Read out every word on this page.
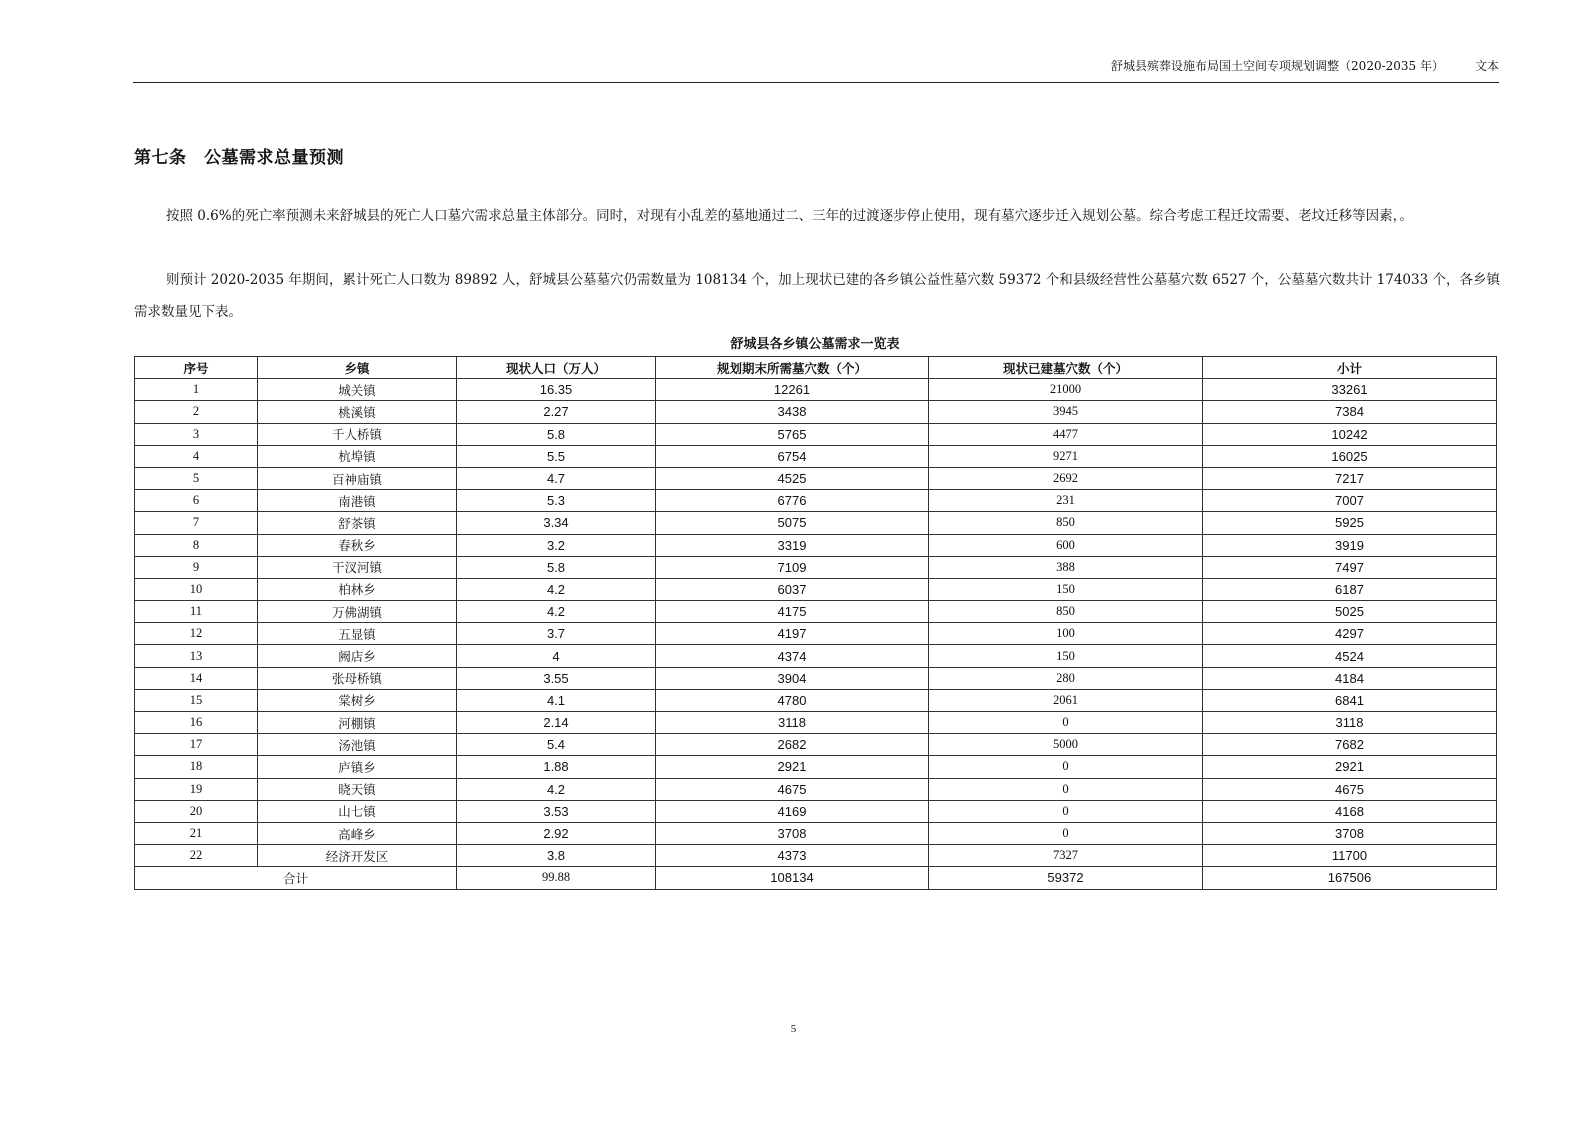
舒城县殡葬设施布局国土空间专项规划调整（2020-2035 年）	文本
第七条　公墓需求总量预测
按照 0.6%的死亡率预测未来舒城县的死亡人口墓穴需求总量主体部分。同时，对现有小乱差的墓地通过二、三年的过渡逐步停止使用，现有墓穴逐步迁入规划公墓。综合考虑工程迁坟需要、老坟迁移等因素，。
则预计 2020-2035 年期间，累计死亡人口数为 89892 人，舒城县公墓墓穴仍需数量为 108134 个，加上现状已建的各乡镇公益性墓穴数 59372 个和县级经营性公墓墓穴数 6527 个，公墓墓穴数共计 174033 个，各乡镇需求数量见下表。
舒城县各乡镇公墓需求一览表
序号	乡镇	现状人口（万人）	规划期末所需墓穴数（个）	现状已建墓穴数（个）	小计
1	城关镇	16.35	12261	21000	33261
2	桃溪镇	2.27	3438	3945	7384
3	千人桥镇	5.8	5765	4477	10242
4	杭埠镇	5.5	6754	9271	16025
5	百神庙镇	4.7	4525	2692	7217
6	南港镇	5.3	6776	231	7007
7	舒茶镇	3.34	5075	850	5925
8	春秋乡	3.2	3319	600	3919
9	干汊河镇	5.8	7109	388	7497
10	柏林乡	4.2	6037	150	6187
11	万佛湖镇	4.2	4175	850	5025
12	五显镇	3.7	4197	100	4297
13	阙店乡	4	4374	150	4524
14	张母桥镇	3.55	3904	280	4184
15	棠树乡	4.1	4780	2061	6841
16	河棚镇	2.14	3118	0	3118
17	汤池镇	5.4	2682	5000	7682
18	庐镇乡	1.88	2921	0	2921
19	晓天镇	4.2	4675	0	4675
20	山七镇	3.53	4169	0	4168
21	高峰乡	2.92	3708	0	3708
22	经济开发区	3.8	4373	7327	11700
合计		99.88	108134	59372	167506
5
